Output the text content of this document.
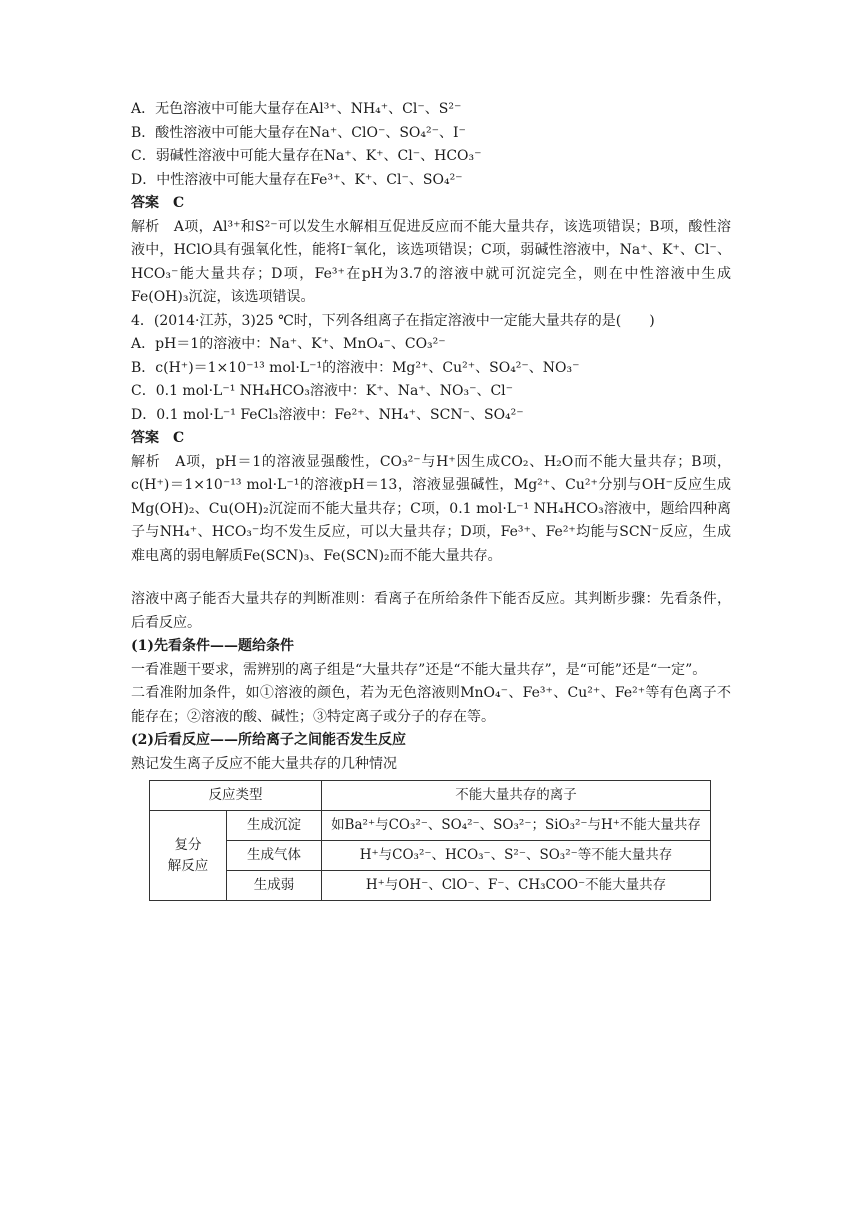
A．无色溶液中可能大量存在Al³⁺、NH₄⁺、Cl⁻、S²⁻
B．酸性溶液中可能大量存在Na⁺、ClO⁻、SO₄²⁻、I⁻
C．弱碱性溶液中可能大量存在Na⁺、K⁺、Cl⁻、HCO₃⁻
D．中性溶液中可能大量存在Fe³⁺、K⁺、Cl⁻、SO₄²⁻
答案　C
解析　A项，Al³⁺和S²⁻可以发生水解相互促进反应而不能大量共存，该选项错误；B项，酸性溶液中，HClO具有强氧化性，能将I⁻氧化，该选项错误；C项，弱碱性溶液中，Na⁺、K⁺、Cl⁻、HCO₃⁻能大量共存；D项，Fe³⁺在pH为3.7的溶液中就可沉淀完全，则在中性溶液中生成Fe(OH)₃沉淀，该选项错误。
4．(2014·江苏，3)25 ℃时，下列各组离子在指定溶液中一定能大量共存的是(　　)
A．pH＝1的溶液中：Na⁺、K⁺、MnO₄⁻、CO₃²⁻
B．c(H⁺)＝1×10⁻¹³ mol·L⁻¹的溶液中：Mg²⁺、Cu²⁺、SO₄²⁻、NO₃⁻
C．0.1 mol·L⁻¹ NH₄HCO₃溶液中：K⁺、Na⁺、NO₃⁻、Cl⁻
D．0.1 mol·L⁻¹ FeCl₃溶液中：Fe²⁺、NH₄⁺、SCN⁻、SO₄²⁻
答案　C
解析　A项，pH＝1的溶液显强酸性，CO₃²⁻与H⁺因生成CO₂、H₂O而不能大量共存；B项，c(H⁺)＝1×10⁻¹³ mol·L⁻¹的溶液pH＝13，溶液显强碱性，Mg²⁺、Cu²⁺分别与OH⁻反应生成Mg(OH)₂、Cu(OH)₂沉淀而不能大量共存；C项，0.1 mol·L⁻¹ NH₄HCO₃溶液中，题给四种离子与NH₄⁺、HCO₃⁻均不发生反应，可以大量共存；D项，Fe³⁺、Fe²⁺均能与SCN⁻反应，生成难电离的弱电解质Fe(SCN)₃、Fe(SCN)₂而不能大量共存。
溶液中离子能否大量共存的判断准则：看离子在所给条件下能否反应。其判断步骤：先看条件，后看反应。
(1)先看条件——题给条件
一看准题干要求，需辨别的离子组是“大量共存”还是“不能大量共存”，是“可能”还是“一定”。
二看准附加条件，如①溶液的颜色，若为无色溶液则MnO₄⁻、Fe³⁺、Cu²⁺、Fe²⁺等有色离子不能存在；②溶液的酸、碱性；③特定离子或分子的存在等。
(2)后看反应——所给离子之间能否发生反应
熟记发生离子反应不能大量共存的几种情况
反应类型		不能大量共存的离子
复分
解反应	生成沉淀	如Ba²⁺与CO₃²⁻、SO₄²⁻、SO₃²⁻；SiO₃²⁻与H⁺不能大量共存
	生成气体	H⁺与CO₃²⁻、HCO₃⁻、S²⁻、SO₃²⁻等不能大量共存
	生成弱	H⁺与OH⁻、ClO⁻、F⁻、CH₃COO⁻不能大量共存
